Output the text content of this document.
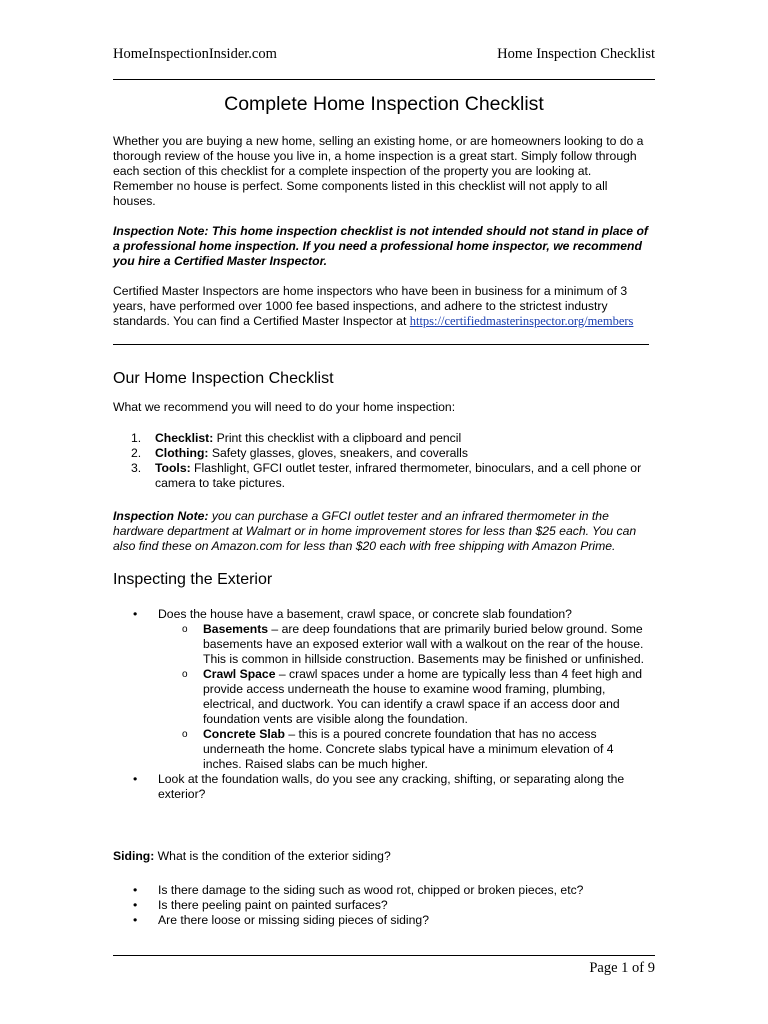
HomeInspectionInsider.com	Home Inspection Checklist
Complete Home Inspection Checklist
Whether you are buying a new home, selling an existing home, or are homeowners looking to do a thorough review of the house you live in, a home inspection is a great start. Simply follow through each section of this checklist for a complete inspection of the property you are looking at. Remember no house is perfect. Some components listed in this checklist will not apply to all houses.
Inspection Note: This home inspection checklist is not intended should not stand in place of a professional home inspection. If you need a professional home inspector, we recommend you hire a Certified Master Inspector.
Certified Master Inspectors are home inspectors who have been in business for a minimum of 3 years, have performed over 1000 fee based inspections, and adhere to the strictest industry standards. You can find a Certified Master Inspector at https://certifiedmasterinspector.org/members
Our Home Inspection Checklist
What we recommend you will need to do your home inspection:
1. Checklist: Print this checklist with a clipboard and pencil
2. Clothing: Safety glasses, gloves, sneakers, and coveralls
3. Tools: Flashlight, GFCI outlet tester, infrared thermometer, binoculars, and a cell phone or camera to take pictures.
Inspection Note: you can purchase a GFCI outlet tester and an infrared thermometer in the hardware department at Walmart or in home improvement stores for less than $25 each. You can also find these on Amazon.com for less than $20 each with free shipping with Amazon Prime.
Inspecting the Exterior
• Does the house have a basement, crawl space, or concrete slab foundation?
o Basements – are deep foundations that are primarily buried below ground. Some basements have an exposed exterior wall with a walkout on the rear of the house. This is common in hillside construction. Basements may be finished or unfinished.
o Crawl Space – crawl spaces under a home are typically less than 4 feet high and provide access underneath the house to examine wood framing, plumbing, electrical, and ductwork. You can identify a crawl space if an access door and foundation vents are visible along the foundation.
o Concrete Slab – this is a poured concrete foundation that has no access underneath the home. Concrete slabs typical have a minimum elevation of 4 inches. Raised slabs can be much higher.
• Look at the foundation walls, do you see any cracking, shifting, or separating along the exterior?
Siding: What is the condition of the exterior siding?
• Is there damage to the siding such as wood rot, chipped or broken pieces, etc?
• Is there peeling paint on painted surfaces?
• Are there loose or missing siding pieces of siding?
Page 1 of 9
